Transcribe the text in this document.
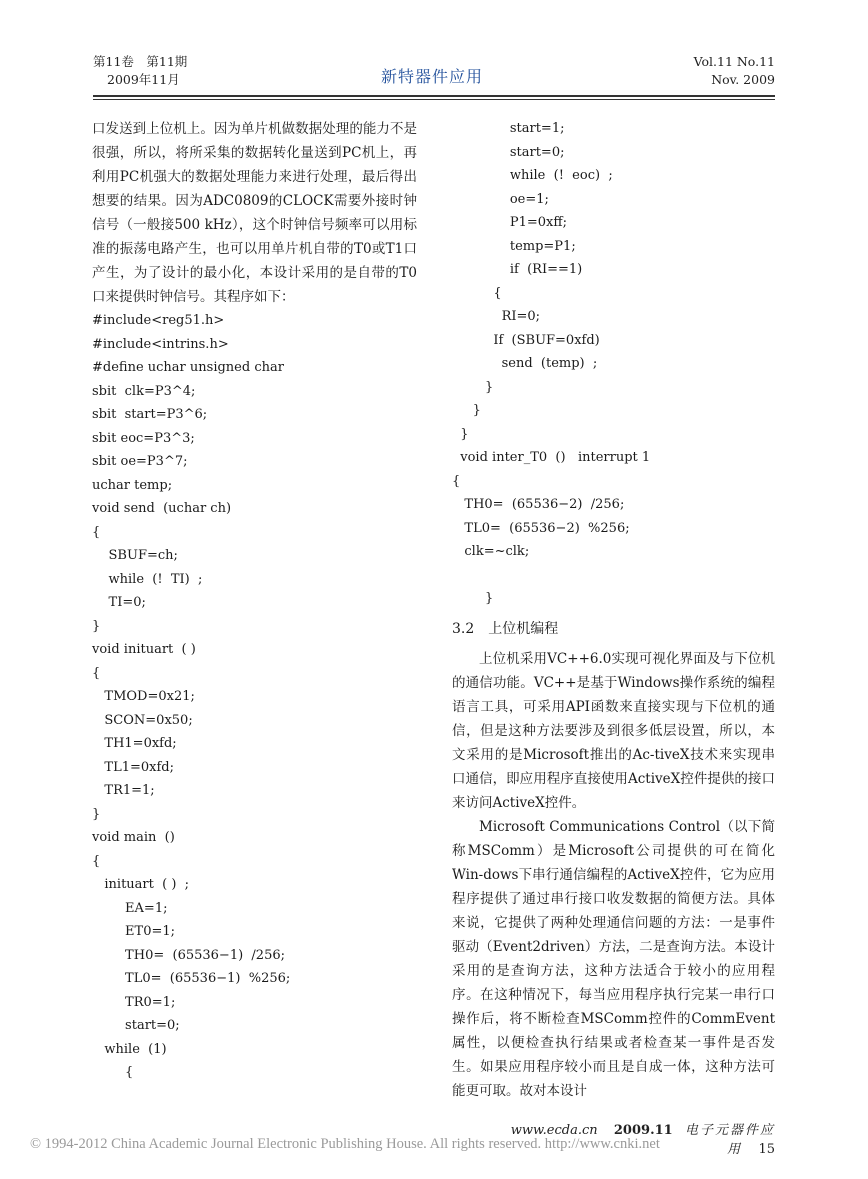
第11卷　第11期
2009年11月	新特器件应用
Vol.11 No.11
Nov. 2009

口发送到上位机上。因为单片机做数据处理的能力不是很强，所以，将所采集的数据转化量送到PC机上，再利用PC机强大的数据处理能力来进行处理，最后得出想要的结果。因为ADC0809的CLOCK需要外接时钟信号（一般接500 kHz），这个时钟信号频率可以用标准的振荡电路产生，也可以用单片机自带的T0或T1口产生，为了设计的最小化，本设计采用的是自带的T0口来提供时钟信号。其程序如下：

#include<reg51.h>
#include<intrins.h>
#define uchar unsigned char
sbit  clk=P3^4;
sbit  start=P3^6;
sbit eoc=P3^3;
sbit oe=P3^7;
uchar temp;
void send  (uchar ch)
{
SBUF=ch;
while  (!  TI)  ;
TI=0;
}
void inituart  ( )
{
TMOD=0x21;
SCON=0x50;
TH1=0xfd;
TL1=0xfd;
TR1=1;
}
void main  ()
{
inituart  ( )  ;
EA=1;
ET0=1;
TH0=  (65536−1)  /256;
TL0=  (65536−1)  %256;
TR0=1;
start=0;
while  (1)
{
start=1;
start=0;
while  (!  eoc)  ;
oe=1;
P1=0xff;
temp=P1;
if  (RI==1)
{
RI=0;
If  (SBUF=0xfd)
send  (temp)  ;
}
}
}
void inter_T0  ()   interrupt 1
{
TH0=  (65536−2)  /256;
TL0=  (65536−2)  %256;
clk=~clk;
}
3.2　上位机编程

上位机采用VC++6.0实现可视化界面及与下位机的通信功能。VC++是基于Windows操作系统的编程语言工具，可采用API函数来直接实现与下位机的通信，但是这种方法要涉及到很多低层设置，所以，本文采用的是Microsoft推出的Ac-tiveX技术来实现串口通信，即应用程序直接使用ActiveX控件提供的接口来访问ActiveX控件。

Microsoft Communications Control（以下简称MSComm）是Microsoft公司提供的可在简化Win-dows下串行通信编程的ActiveX控件，它为应用程序提供了通过串行接口收发数据的简便方法。具体来说，它提供了两种处理通信问题的方法：一是事件驱动（Event2driven）方法，二是查询方法。本设计采用的是查询方法，这种方法适合于较小的应用程序。在这种情况下，每当应用程序执行完某一串行口操作后，将不断检查MSComm控件的CommEvent属性，以便检查执行结果或者检查某一事件是否发生。如果应用程序较小而且是自成一体，这种方法可能更可取。故对本设计

www.ecda.cn 2009.11 电子元器件应用 15
© 1994-2012 China Academic Journal Electronic Publishing House. All rights reserved. http://www.cnki.net
